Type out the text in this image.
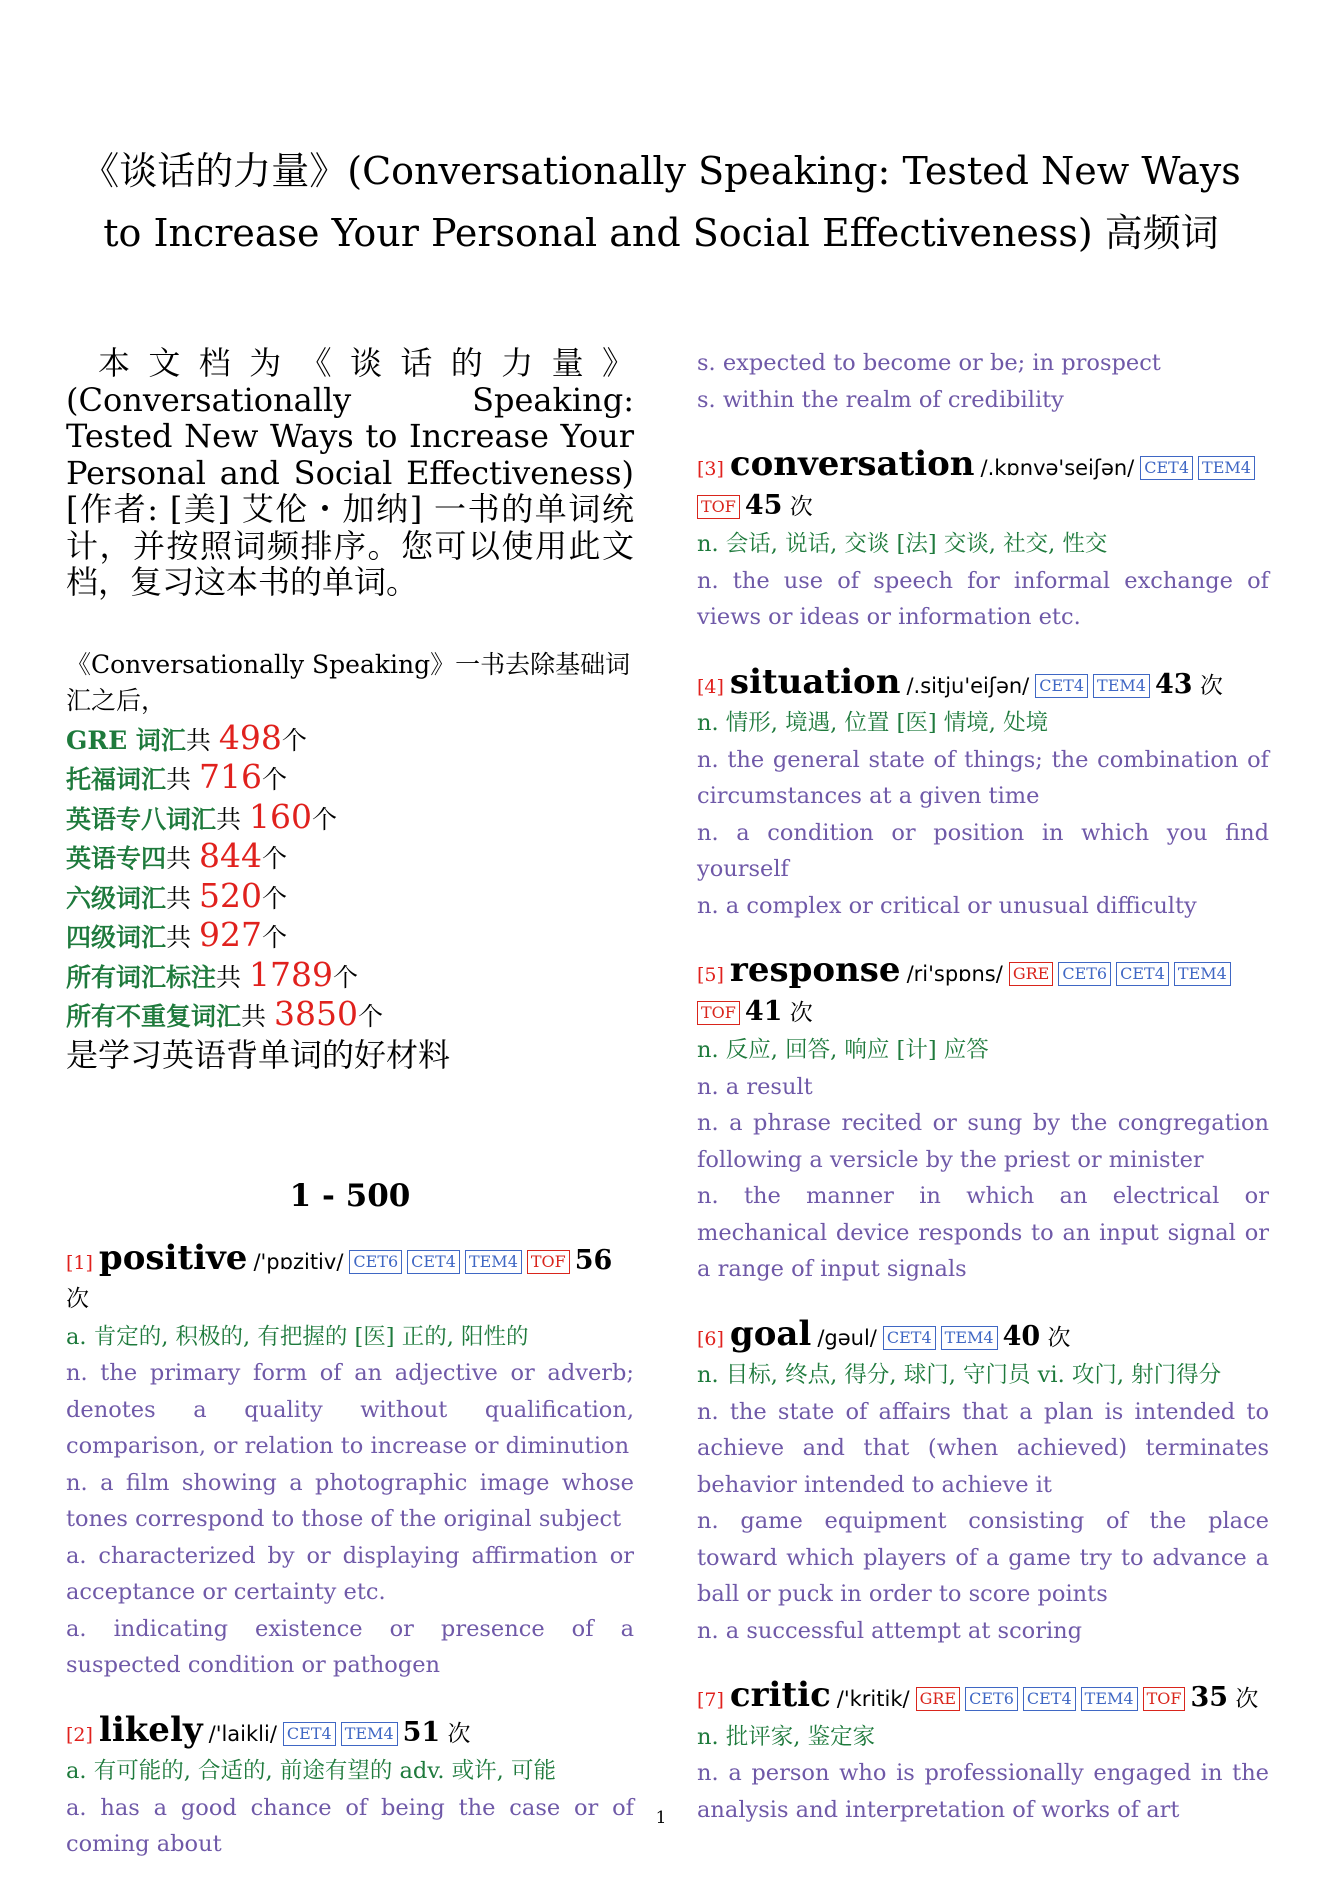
《谈话的力量》(Conversationally Speaking: Tested New Ways to Increase Your Personal and Social Effectiveness) 高频词

本文档为《谈话的力量》(Conversationally Speaking: Tested New Ways to Increase Your Personal and Social Effectiveness)[作者: [美] 艾伦・加纳] 一书的单词统计，并按照词频排序。您可以使用此文档，复习这本书的单词。

《Conversationally Speaking》一书去除基础词汇之后，
GRE 词汇共 498个
托福词汇共 716个
英语专八词汇共 160个
英语专四共 844个
六级词汇共 520个
四级词汇共 927个
所有词汇标注共 1789个
所有不重复词汇共 3850个
是学习英语背单词的好材料
1 - 500
[1] positive /'pɒzitiv/ CET6 CET4 TEM4 TOF 56 次
a. 肯定的, 积极的, 有把握的 [医] 正的, 阳性的
n. the primary form of an adjective or adverb; denotes a quality without qualification, comparison, or relation to increase or diminution
n. a film showing a photographic image whose tones correspond to those of the original subject
a. characterized by or displaying affirmation or acceptance or certainty etc.
a. indicating existence or presence of a suspected condition or pathogen
[2] likely /'laikli/ CET4 TEM4 51 次
a. 有可能的, 合适的, 前途有望的 adv. 或许, 可能
a. has a good chance of being the case or of coming about
s. expected to become or be; in prospect
s. within the realm of credibility
[3] conversation /.kɒnvə'seiʃən/ CET4 TEM4TOF 45 次
n. 会话, 说话, 交谈 [法] 交谈, 社交, 性交
n. the use of speech for informal exchange of views or ideas or information etc.
[4] situation /.sitju'eiʃən/ CET4 TEM4 43 次
n. 情形, 境遇, 位置 [医] 情境, 处境
n. the general state of things; the combination of circumstances at a given time
n. a condition or position in which you find yourself
n. a complex or critical or unusual difficulty
[5] response /ri'spɒns/ GRE CET6 CET4 TEM4TOF 41 次
n. 反应, 回答, 响应 [计] 应答
n. a result
n. a phrase recited or sung by the congregation following a versicle by the priest or minister
n. the manner in which an electrical or mechanical device responds to an input signal or a range of input signals
[6] goal /gəul/ CET4 TEM4 40 次
n. 目标, 终点, 得分, 球门, 守门员 vi. 攻门, 射门得分
n. the state of affairs that a plan is intended to achieve and that (when achieved) terminates behavior intended to achieve it
n. game equipment consisting of the place toward which players of a game try to advance a ball or puck in order to score points
n. a successful attempt at scoring
[7] critic /'kritik/ GRE CET6 CET4 TEM4 TOF 35 次
n. 批评家, 鉴定家
n. a person who is professionally engaged in the analysis and interpretation of works of art
1
